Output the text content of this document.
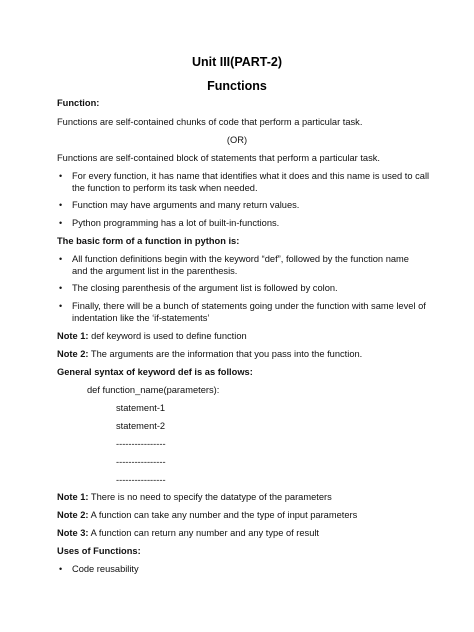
Unit III(PART-2)
Functions
Function:
Functions are self-contained chunks of code that perform a particular task.
(OR)
Functions are self-contained block of statements that perform a particular task.
• For every function, it has name that identifies what it does and this name is used to call
the function to perform its task when needed.
• Function may have arguments and many return values.
• Python programming has a lot of built-in-functions.
The basic form of a function in python is:
• All function definitions begin with the keyword “def”, followed by the function name
and the argument list in the parenthesis.
• The closing parenthesis of the argument list is followed by colon.
• Finally, there will be a bunch of statements going under the function with same level of
indentation like the ‘if-statements’
Note 1: def keyword is used to define function
Note 2: The arguments are the information that you pass into the function.
General syntax of keyword def is as follows:
def function_name(parameters):
statement-1
statement-2
----------------
----------------
----------------
Note 1: There is no need to specify the datatype of the parameters
Note 2: A function can take any number and the type of input parameters
Note 3: A function can return any number and any type of result
Uses of Functions:
• Code reusability
